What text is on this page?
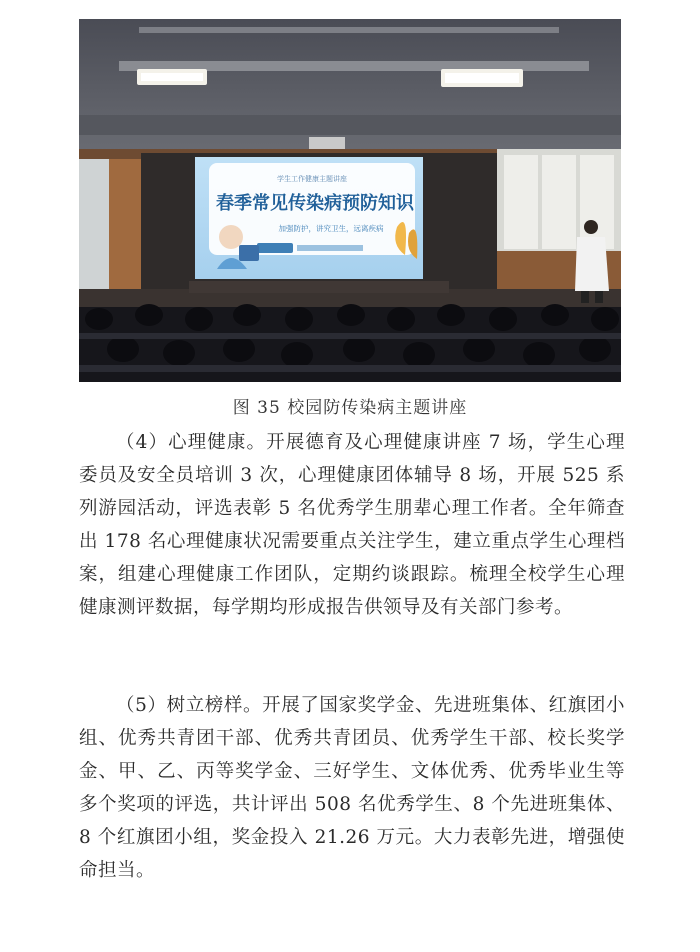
学生工作健康主题讲座
春季常见传染病预防知识
加强防护，讲究卫生，远离疾病
图 35 校园防传染病主题讲座

（4）心理健康。开展德育及心理健康讲座 7 场，学生心理委员及安全员培训 3 次，心理健康团体辅导 8 场，开展 525 系列游园活动，评选表彰 5 名优秀学生朋辈心理工作者。全年筛查出 178 名心理健康状况需要重点关注学生，建立重点学生心理档案，组建心理健康工作团队，定期约谈跟踪。梳理全校学生心理健康测评数据，每学期均形成报告供领导及有关部门参考。

（5）树立榜样。开展了国家奖学金、先进班集体、红旗团小组、优秀共青团干部、优秀共青团员、优秀学生干部、校长奖学金、甲、乙、丙等奖学金、三好学生、文体优秀、优秀毕业生等多个奖项的评选，共计评出 508 名优秀学生、8 个先进班集体、8 个红旗团小组，奖金投入 21.26 万元。大力表彰先进，增强使命担当。
